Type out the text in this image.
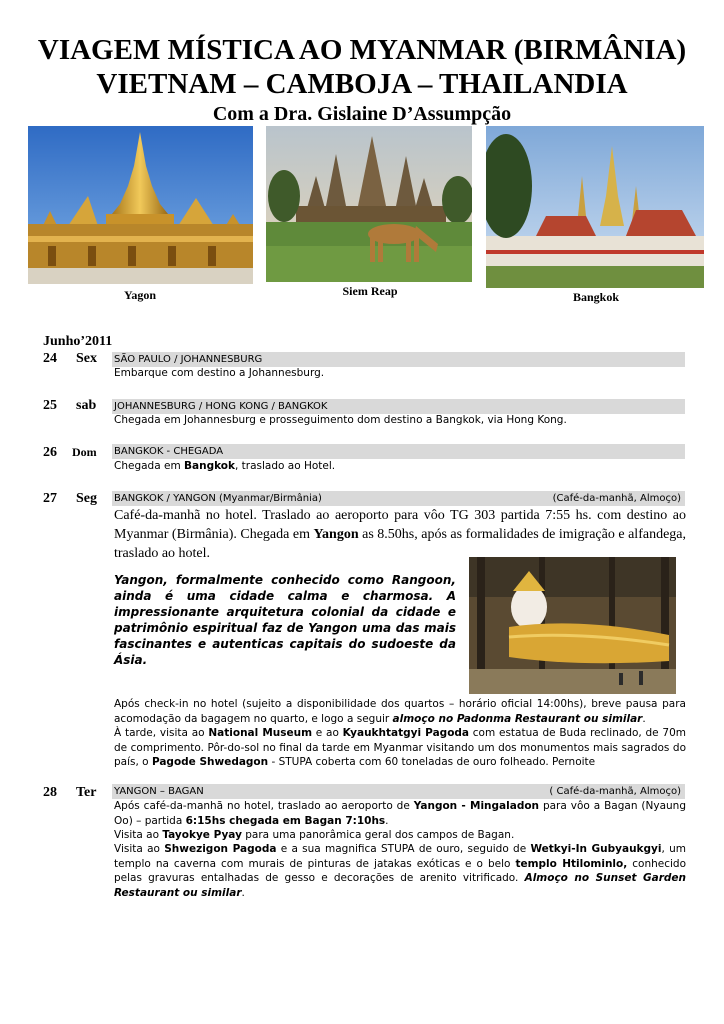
VIAGEM MÍSTICA AO MYANMAR (BIRMÂNIA)
VIETNAM – CAMBOJA – THAILANDIA
Com a Dra. Gislaine D’Assumpção
Yagon	Siem Reap	Bangkok
Junho’2011
24 Sex SÃO PAULO / JOHANNESBURG
Embarque com destino a Johannesburg.
25 sab JOHANNESBURG / HONG KONG / BANGKOK
Chegada em Johannesburg e prosseguimento dom destino a Bangkok, via Hong Kong.
26 Dom BANGKOK - CHEGADA
Chegada em Bangkok, traslado ao Hotel.
27 Seg BANGKOK / YANGON (Myanmar/Birmânia)	(Café-da-manhã, Almoço)
Café-da-manhã no hotel. Traslado ao aeroporto para vôo TG 303 partida 7:55 hs. com destino ao Myanmar (Birmânia). Chegada em Yangon as 8.50hs, após as formalidades de imigração e alfandega, traslado ao hotel.
Yangon, formalmente conhecido como Rangoon, ainda é uma cidade calma e charmosa. A impressionante arquitetura colonial da cidade e patrimônio espiritual faz de Yangon uma das mais fascinantes e autenticas capitais do sudoeste da Ásia.
Após check-in no hotel (sujeito a disponibilidade dos quartos – horário oficial 14:00hs), breve pausa para acomodação da bagagem no quarto, e logo a seguir almoço no Padonma Restaurant ou similar.
À tarde, visita ao National Museum e ao Kyaukhtatgyi Pagoda com estatua de Buda reclinado, de 70m de comprimento. Pôr-do-sol no final da tarde em Myanmar visitando um dos monumentos mais sagrados do país, o Pagode Shwedagon - STUPA coberta com 60 toneladas de ouro folheado. Pernoite
28 Ter YANGON – BAGAN	( Café-da-manhã, Almoço)
Após café-da-manhã no hotel, traslado ao aeroporto de Yangon - Mingaladon para vôo a Bagan (Nyaung Oo) – partida 6:15hs chegada em Bagan 7:10hs.
Visita ao Tayokye Pyay para uma panorâmica geral dos campos de Bagan.
Visita ao Shwezigon Pagoda e a sua magnifica STUPA de ouro, seguido de Wetkyi-In Gubyaukgyi, um templo na caverna com murais de pinturas de jatakas exóticas e o belo templo Htilominlo, conhecido pelas gravuras entalhadas de gesso e decorações de arenito vitrificado. Almoço no Sunset Garden Restaurant ou similar.
